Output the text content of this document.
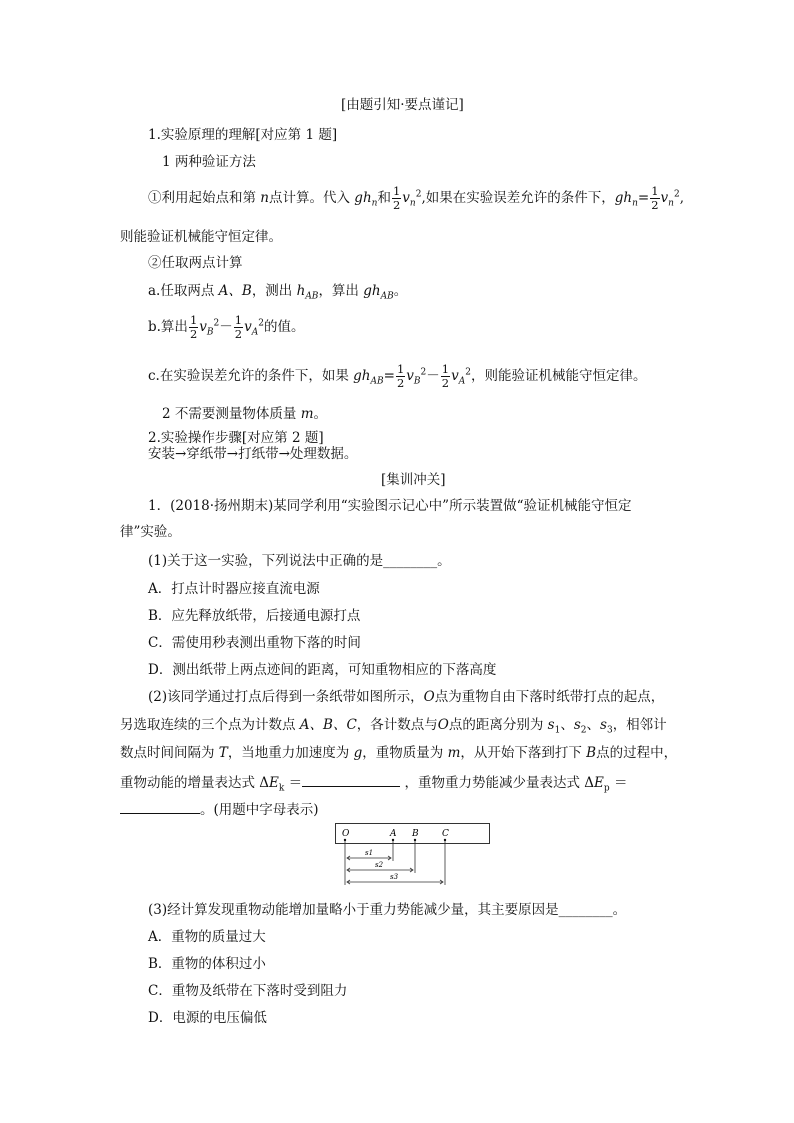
[由题引知·要点谨记]
1.实验原理的理解[对应第 1 题]
1 两种验证方法
①利用起始点和第 n点计算。代入 $gh_n$和 $\frac{1}{2} v_n^2$,如果在实验误差允许的条件下，$gh_n= \frac{1}{2} v_n^2$,
则能验证机械能守恒定律。
②任取两点计算
a.任取两点 A、B，测出 $h_{AB}$，算出 $gh_{AB}$。
b.算出 $\frac{1}{2} v_B^2- \frac{1}{2} v_A^2$的值。
c.在实验误差允许的条件下，如果 $gh_{AB}= \frac{1}{2} v_B^2- \frac{1}{2} v_A^2$，则能验证机械能守恒定律。
2 不需要测量物体质量 m。
2.实验操作步骤[对应第 2 题]
安装→穿纸带→打纸带→处理数据。
[集训冲关]
1．(2018·扬州期末)某同学利用“实验图示记心中”所示装置做“验证机械能守恒定
律”实验。
(1)关于这一实验，下列说法中正确的是________。
A．打点计时器应接直流电源
B．应先释放纸带，后接通电源打点
C．需使用秒表测出重物下落的时间
D．测出纸带上两点迹间的距离，可知重物相应的下落高度
(2)该同学通过打点后得到一条纸带如图所示，O点为重物自由下落时纸带打点的起点，
另选取连续的三个点为计数点 A、B、C，各计数点与O点的距离分别为 $s_1$、$s_2$、$s_3$，相邻计
数点时间间隔为 T，当地重力加速度为 g，重物质量为 m，从开始下落到打下 B点的过程中，
重物动能的增量表达式 $\Delta E_k$ ＝	，重物重力势能减少量表达式 $\Delta E_p$ ＝
。(用题中字母表示)
O	A B	C
s1
s2
s3
(3)经计算发现重物动能增加量略小于重力势能减少量，其主要原因是________。
A．重物的质量过大
B．重物的体积过小
C．重物及纸带在下落时受到阻力
D．电源的电压偏低
